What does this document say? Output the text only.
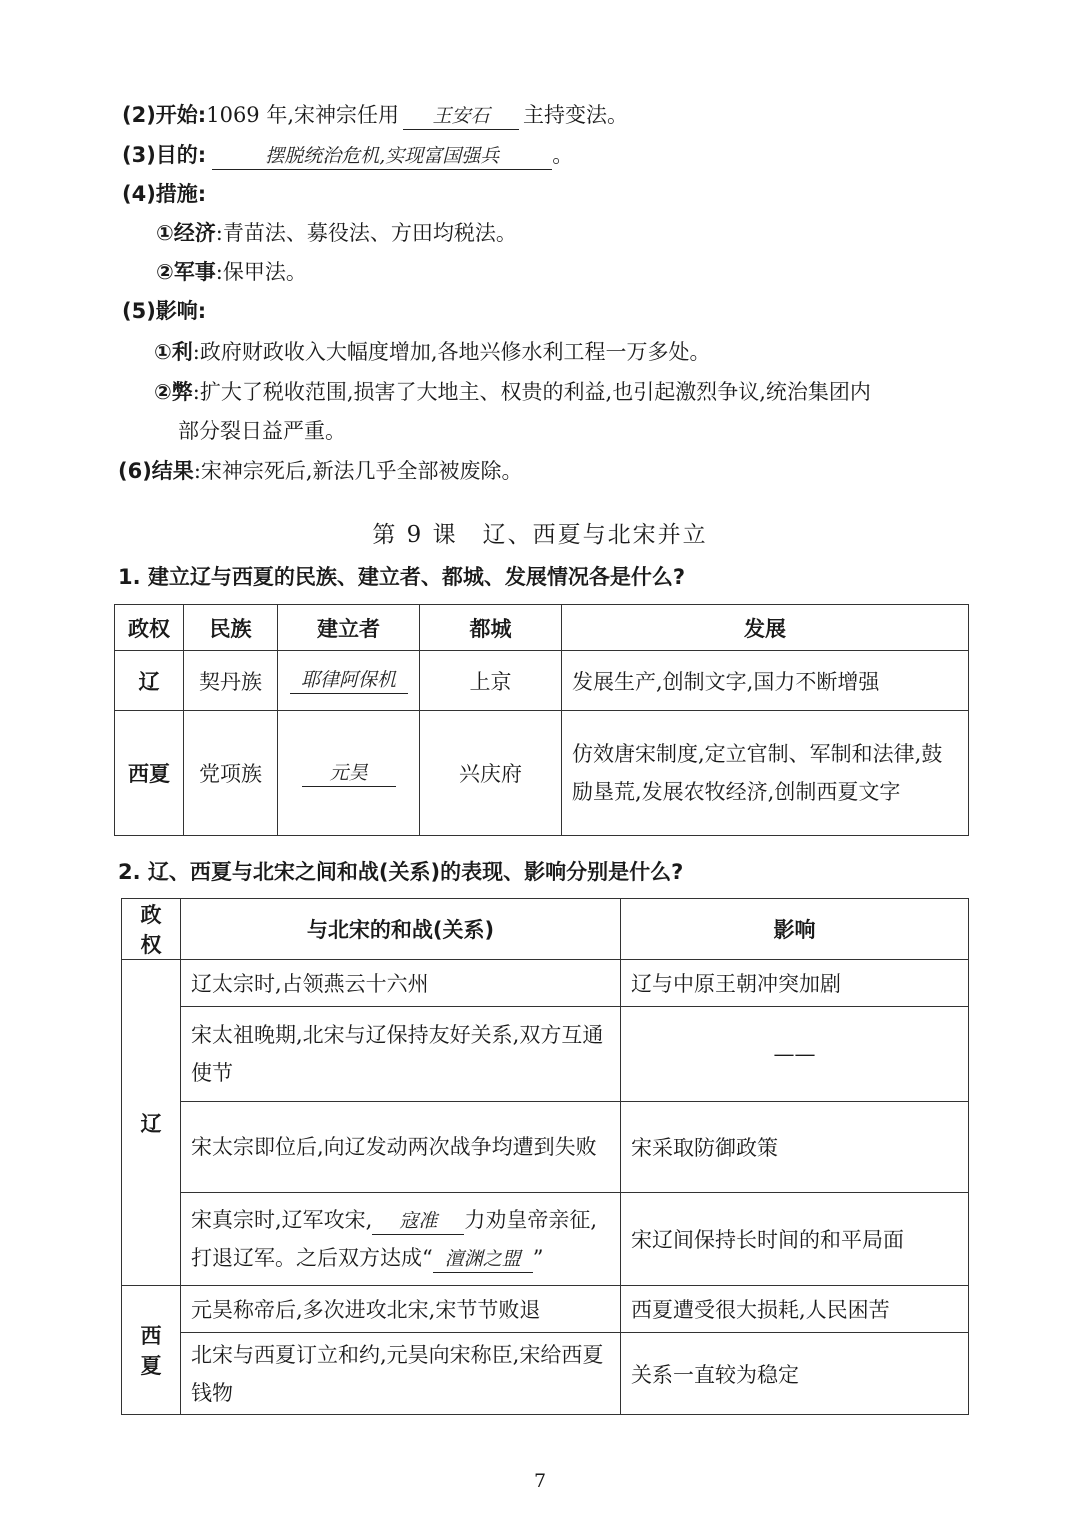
(2)开始:1069 年,宋神宗任用 王安石 主持变法。
(3)目的:	摆脱统治危机,实现富国强兵	。
(4)措施:
①经济:青苗法、募役法、方田均税法。
②军事:保甲法。
(5)影响:
①利:政府财政收入大幅度增加,各地兴修水利工程一万多处。
②弊:扩大了税收范围,损害了大地主、权贵的利益,也引起激烈争议,统治集团内
部分裂日益严重。
(6)结果:宋神宗死后,新法几乎全部被废除。
第 9 课　辽、西夏与北宋并立
1. 建立辽与西夏的民族、建立者、都城、发展情况各是什么?
政权	民族	建立者	都城	发展
辽	契丹族	耶律阿保机	上京	发展生产,创制文字,国力不断增强
西夏	党项族	元昊	兴庆府	仿效唐宋制度,定立官制、军制和法律,鼓励垦荒,发展农牧经济,创制西夏文字
2. 辽、西夏与北宋之间和战(关系)的表现、影响分别是什么?
政权	与北宋的和战(关系)	影响
辽	辽太宗时,占领燕云十六州	辽与中原王朝冲突加剧
	宋太祖晚期,北宋与辽保持友好关系,双方互通使节	——
	宋太宗即位后,向辽发动两次战争均遭到失败	宋采取防御政策
	宋真宗时,辽军攻宋, 寇准 力劝皇帝亲征,打退辽军。之后双方达成“ 澶渊之盟 ”	宋辽间保持长时间的和平局面
西夏	元昊称帝后,多次进攻北宋,宋节节败退	西夏遭受很大损耗,人民困苦
	北宋与西夏订立和约,元昊向宋称臣,宋给西夏钱物	关系一直较为稳定
7
